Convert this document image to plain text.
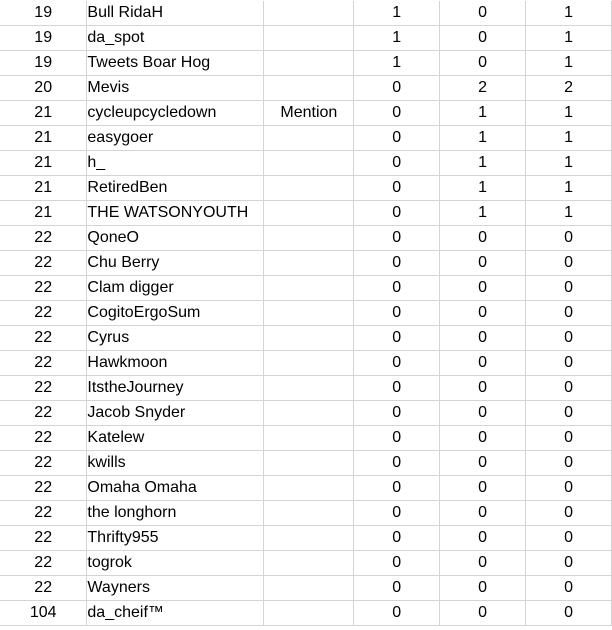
19	Bull RidaH		1	0	1
19	da_spot		1	0	1
19	Tweets Boar Hog		1	0	1
20	Mevis		0	2	2
21	cycleupcycledown	Mention	0	1	1
21	easygoer		0	1	1
21	h_		0	1	1
21	RetiredBen		0	1	1
21	THE WATSONYOUTH		0	1	1
22	QoneO		0	0	0
22	Chu Berry		0	0	0
22	Clam digger		0	0	0
22	CogitoErgoSum		0	0	0
22	Cyrus		0	0	0
22	Hawkmoon		0	0	0
22	ItstheJourney		0	0	0
22	Jacob Snyder		0	0	0
22	Katelew		0	0	0
22	kwills		0	0	0
22	Omaha Omaha		0	0	0
22	the longhorn		0	0	0
22	Thrifty955		0	0	0
22	togrok		0	0	0
22	Wayners		0	0	0
104	da_cheif™		0	0	0
